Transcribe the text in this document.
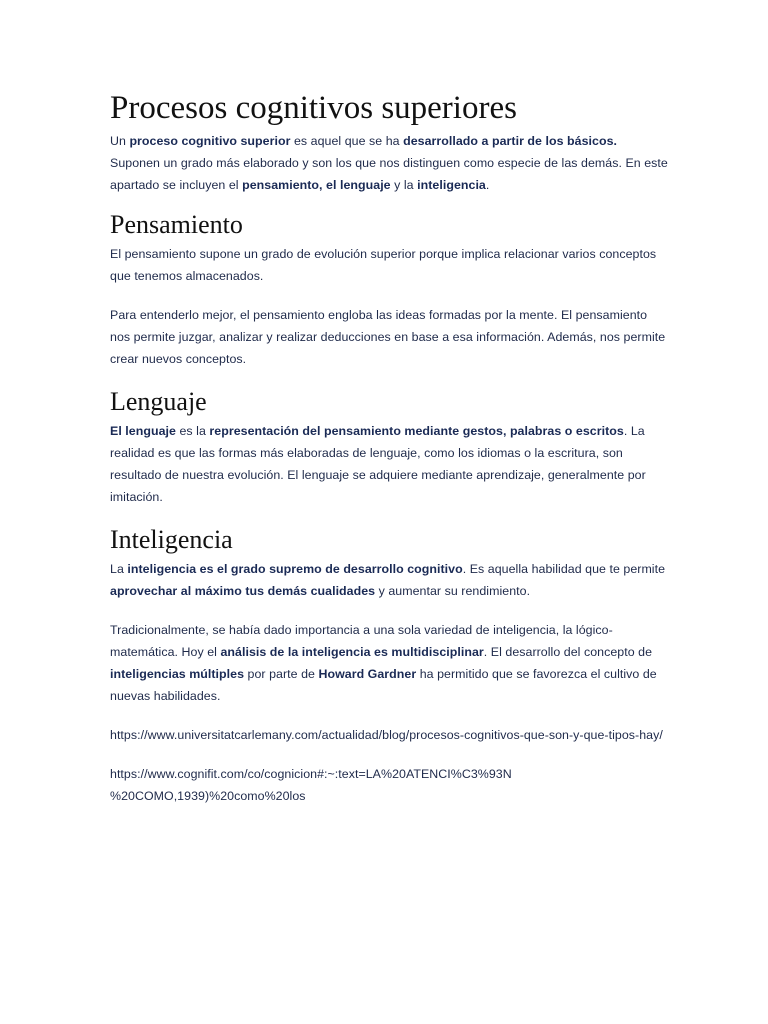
Procesos cognitivos superiores

Un proceso cognitivo superior es aquel que se ha desarrollado a partir de los básicos. Suponen un grado más elaborado y son los que nos distinguen como especie de las demás. En este apartado se incluyen el pensamiento, el lenguaje y la inteligencia.

Pensamiento

El pensamiento supone un grado de evolución superior porque implica relacionar varios conceptos que tenemos almacenados.

Para entenderlo mejor, el pensamiento engloba las ideas formadas por la mente. El pensamiento nos permite juzgar, analizar y realizar deducciones en base a esa información. Además, nos permite crear nuevos conceptos.

Lenguaje

El lenguaje es la representación del pensamiento mediante gestos, palabras o escritos. La realidad es que las formas más elaboradas de lenguaje, como los idiomas o la escritura, son resultado de nuestra evolución. El lenguaje se adquiere mediante aprendizaje, generalmente por imitación.

Inteligencia

La inteligencia es el grado supremo de desarrollo cognitivo. Es aquella habilidad que te permite aprovechar al máximo tus demás cualidades y aumentar su rendimiento.

Tradicionalmente, se había dado importancia a una sola variedad de inteligencia, la lógico-matemática. Hoy el análisis de la inteligencia es multidisciplinar. El desarrollo del concepto de inteligencias múltiples por parte de Howard Gardner ha permitido que se favorezca el cultivo de nuevas habilidades.

https://www.universitatcarlemany.com/actualidad/blog/procesos-cognitivos-que-son-y-que-tipos-hay/

https://www.cognifit.com/co/cognicion#:~:text=LA%20ATENCI%C3%93N
%20COMO,1939)%20como%20los
